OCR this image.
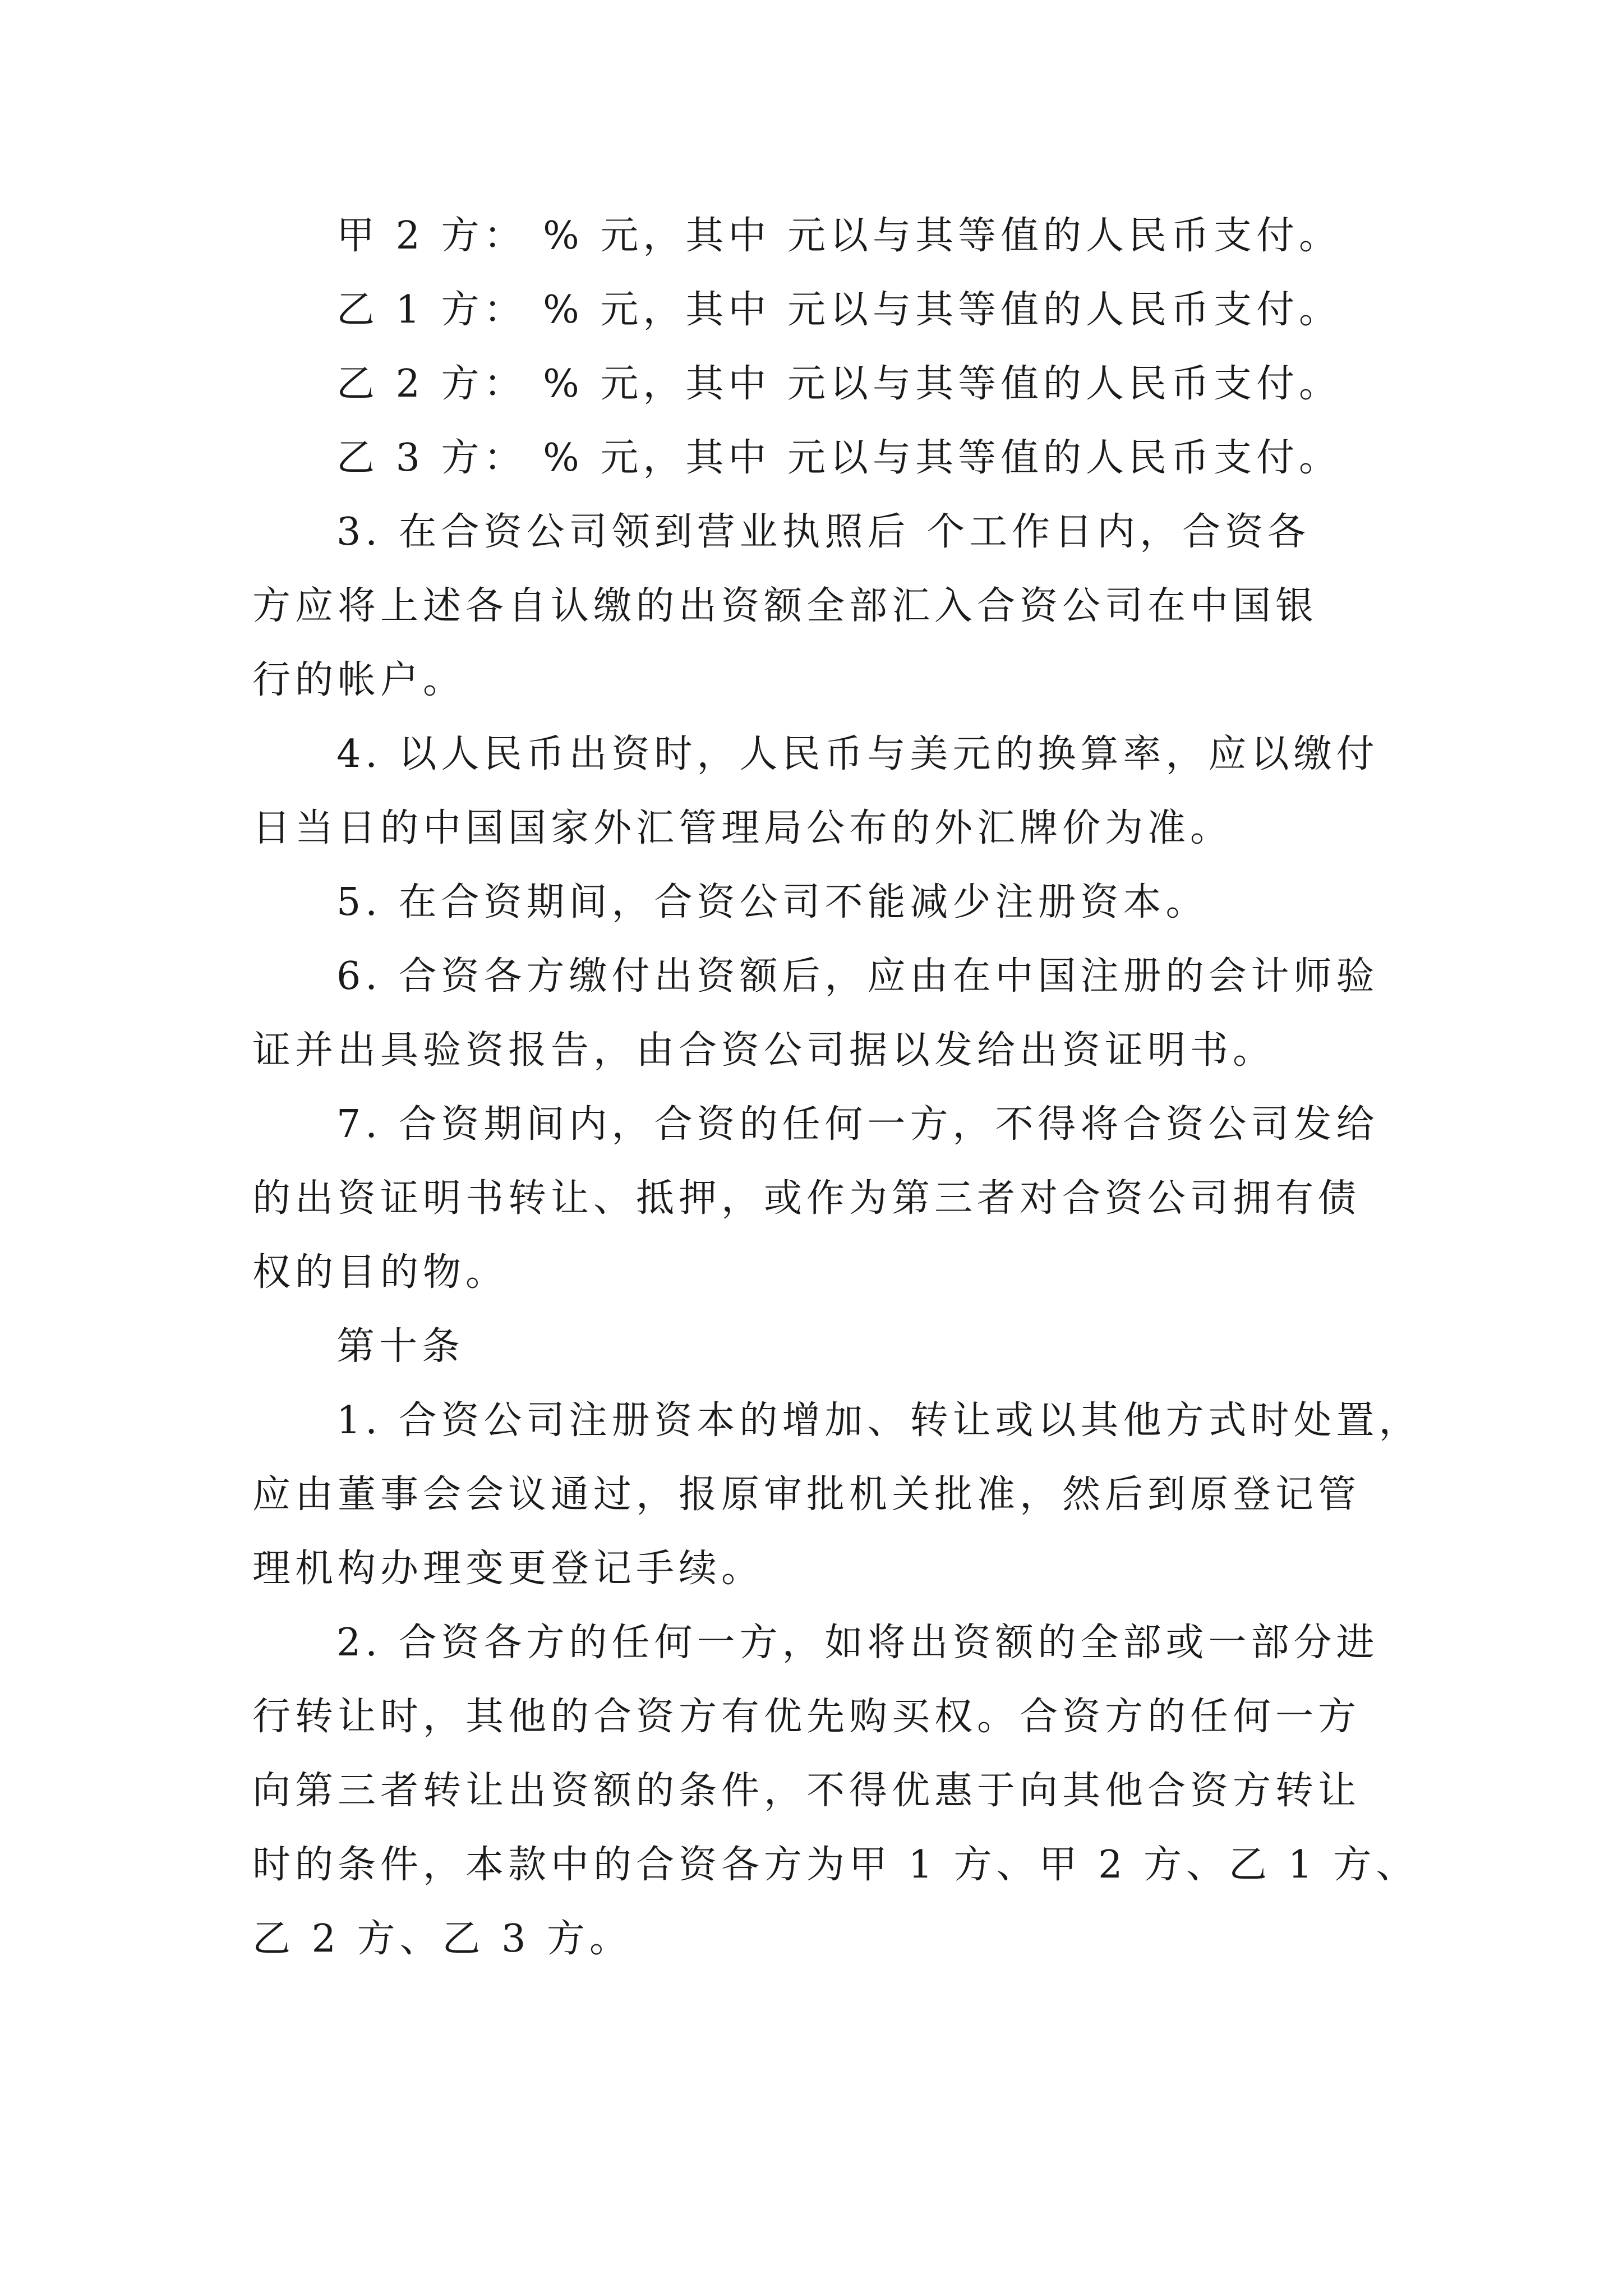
甲 2 方： % 元，其中 元以与其等值的人民币支付。
乙 1 方： % 元，其中 元以与其等值的人民币支付。
乙 2 方： % 元，其中 元以与其等值的人民币支付。
乙 3 方： % 元，其中 元以与其等值的人民币支付。
3. 在合资公司领到营业执照后 个工作日内，合资各
方应将上述各自认缴的出资额全部汇入合资公司在中国银
行的帐户。
4. 以人民币出资时，人民币与美元的换算率，应以缴付
日当日的中国国家外汇管理局公布的外汇牌价为准。
5. 在合资期间，合资公司不能减少注册资本。
6. 合资各方缴付出资额后，应由在中国注册的会计师验
证并出具验资报告，由合资公司据以发给出资证明书。
7. 合资期间内，合资的任何一方，不得将合资公司发给
的出资证明书转让、抵押，或作为第三者对合资公司拥有债
权的目的物。
第十条
1. 合资公司注册资本的增加、转让或以其他方式时处置，
应由董事会会议通过，报原审批机关批准，然后到原登记管
理机构办理变更登记手续。
2. 合资各方的任何一方，如将出资额的全部或一部分进
行转让时，其他的合资方有优先购买权。合资方的任何一方
向第三者转让出资额的条件，不得优惠于向其他合资方转让
时的条件，本款中的合资各方为甲 1 方、甲 2 方、乙 1 方、
乙 2 方、乙 3 方。
